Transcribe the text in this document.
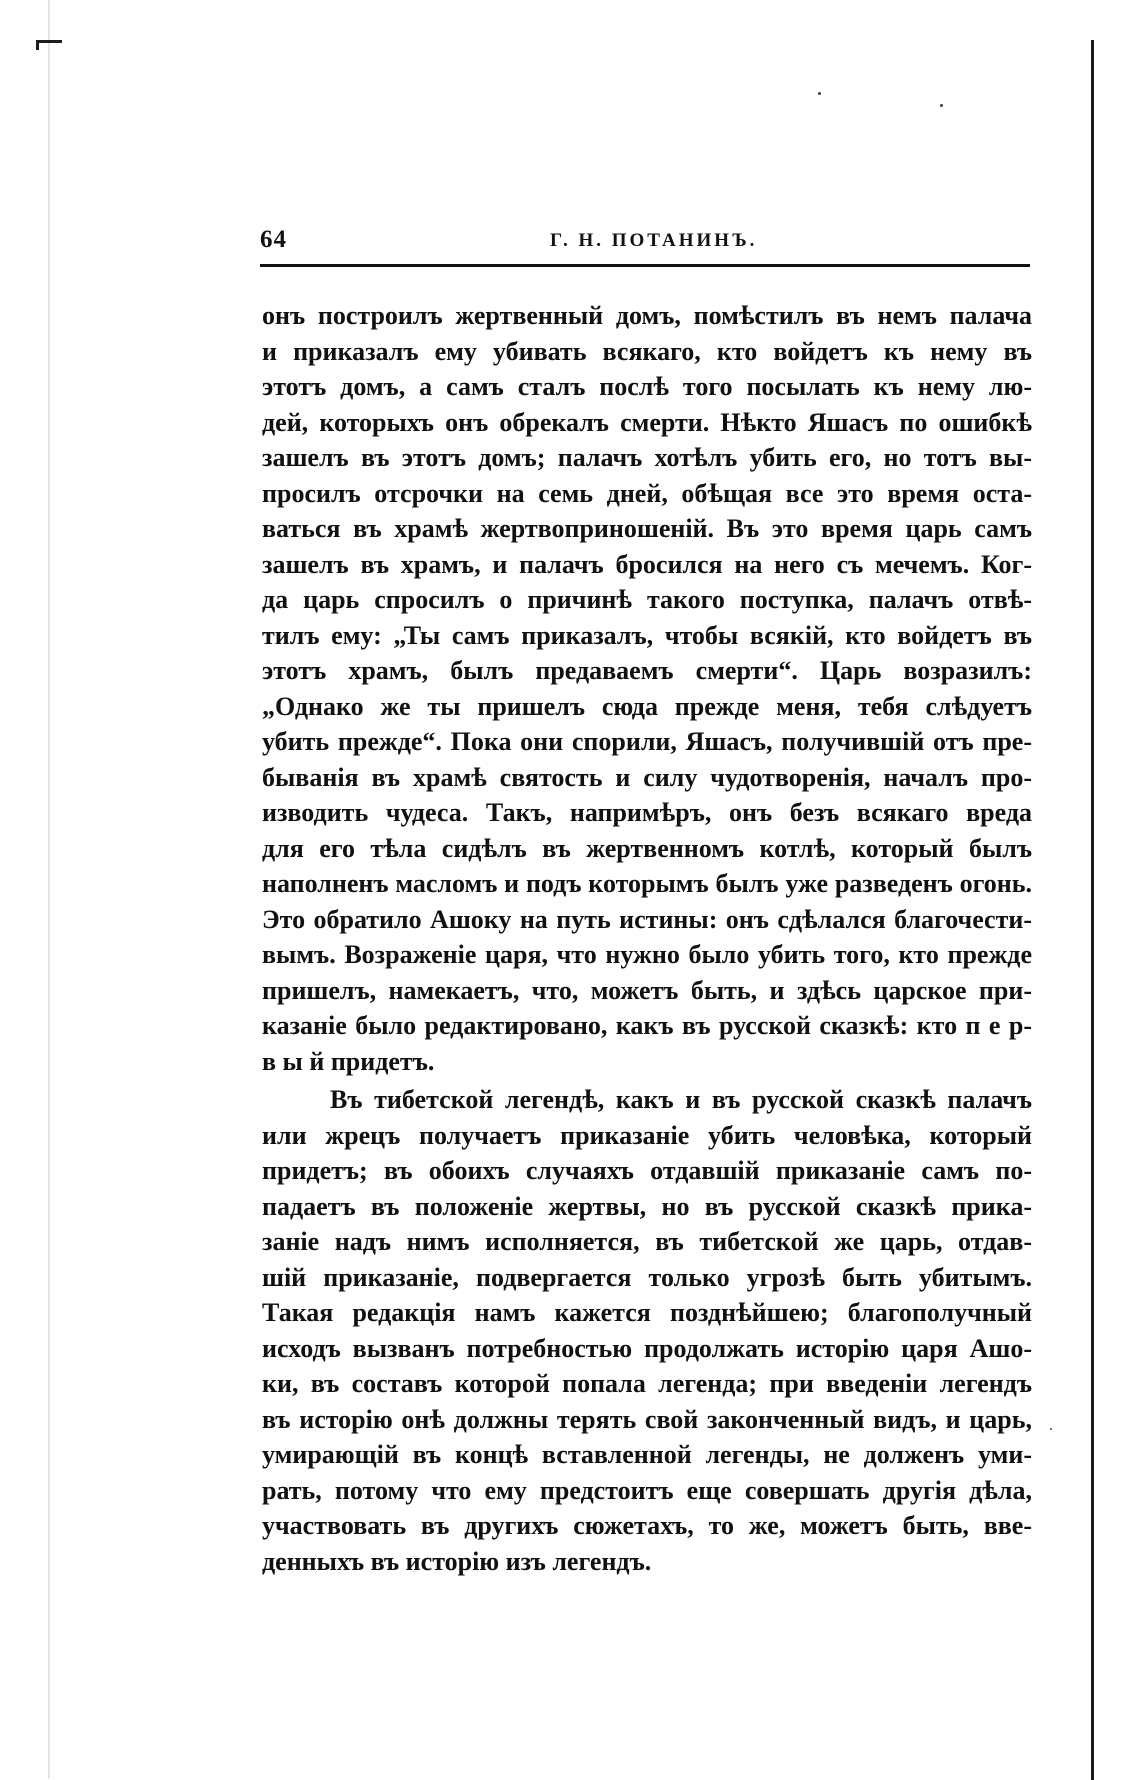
64	Г. Н. ПОТАНИНЪ.
онъ построилъ жертвенный домъ, помѣстилъ въ немъ палача
и приказалъ ему убивать всякаго, кто войдетъ къ нему въ
этотъ домъ, а самъ сталъ послѣ того посылать къ нему лю-
дей, которыхъ онъ обрекалъ смерти. Нѣкто Яшасъ по ошибкѣ
зашелъ въ этотъ домъ; палачъ хотѣлъ убить его, но тотъ вы-
просилъ отсрочки на семь дней, обѣщая все это время оста-
ваться въ храмѣ жертвоприношеній. Въ это время царь самъ
зашелъ въ храмъ, и палачъ бросился на него съ мечемъ. Ког-
да царь спросилъ о причинѣ такого поступка, палачъ отвѣ-
тилъ ему: „Ты самъ приказалъ, чтобы всякій, кто войдетъ въ
этотъ храмъ, былъ предаваемъ смерти“. Царь возразилъ:
„Однако же ты пришелъ сюда прежде меня, тебя слѣдуетъ
убить прежде“. Пока они спорили, Яшасъ, получившій отъ пре-
быванія въ храмѣ святость и силу чудотворенія, началъ про-
изводить чудеса. Такъ, напримѣръ, онъ безъ всякаго вреда
для его тѣла сидѣлъ въ жертвенномъ котлѣ, который былъ
наполненъ масломъ и подъ которымъ былъ уже разведенъ огонь.
Это обратило Ашоку на путь истины: онъ сдѣлался благочести-
вымъ. Возраженіе царя, что нужно было убить того, кто прежде
пришелъ, намекаетъ, что, можетъ быть, и здѣсь царское при-
казаніе было редактировано, какъ въ русской сказкѣ: кто п е р-
в ы й придетъ.
Въ тибетской легендѣ, какъ и въ русской сказкѣ палачъ
или жрецъ получаетъ приказаніе убить человѣка, который
придетъ; въ обоихъ случаяхъ отдавшій приказаніе самъ по-
падаетъ въ положеніе жертвы, но въ русской сказкѣ прика-
заніе надъ нимъ исполняется, въ тибетской же царь, отдав-
шій приказаніе, подвергается только угрозѣ быть убитымъ.
Такая редакція намъ кажется позднѣйшею; благополучный
исходъ вызванъ потребностью продолжать исторію царя Ашо-
ки, въ составъ которой попала легенда; при введеніи легендъ
въ исторію онѣ должны терять свой законченный видъ, и царь,
умирающій въ концѣ вставленной легенды, не долженъ уми-
рать, потому что ему предстоитъ еще совершать другія дѣла,
участвовать въ другихъ сюжетахъ, то же, можетъ быть, вве-
денныхъ въ исторію изъ легендъ.
